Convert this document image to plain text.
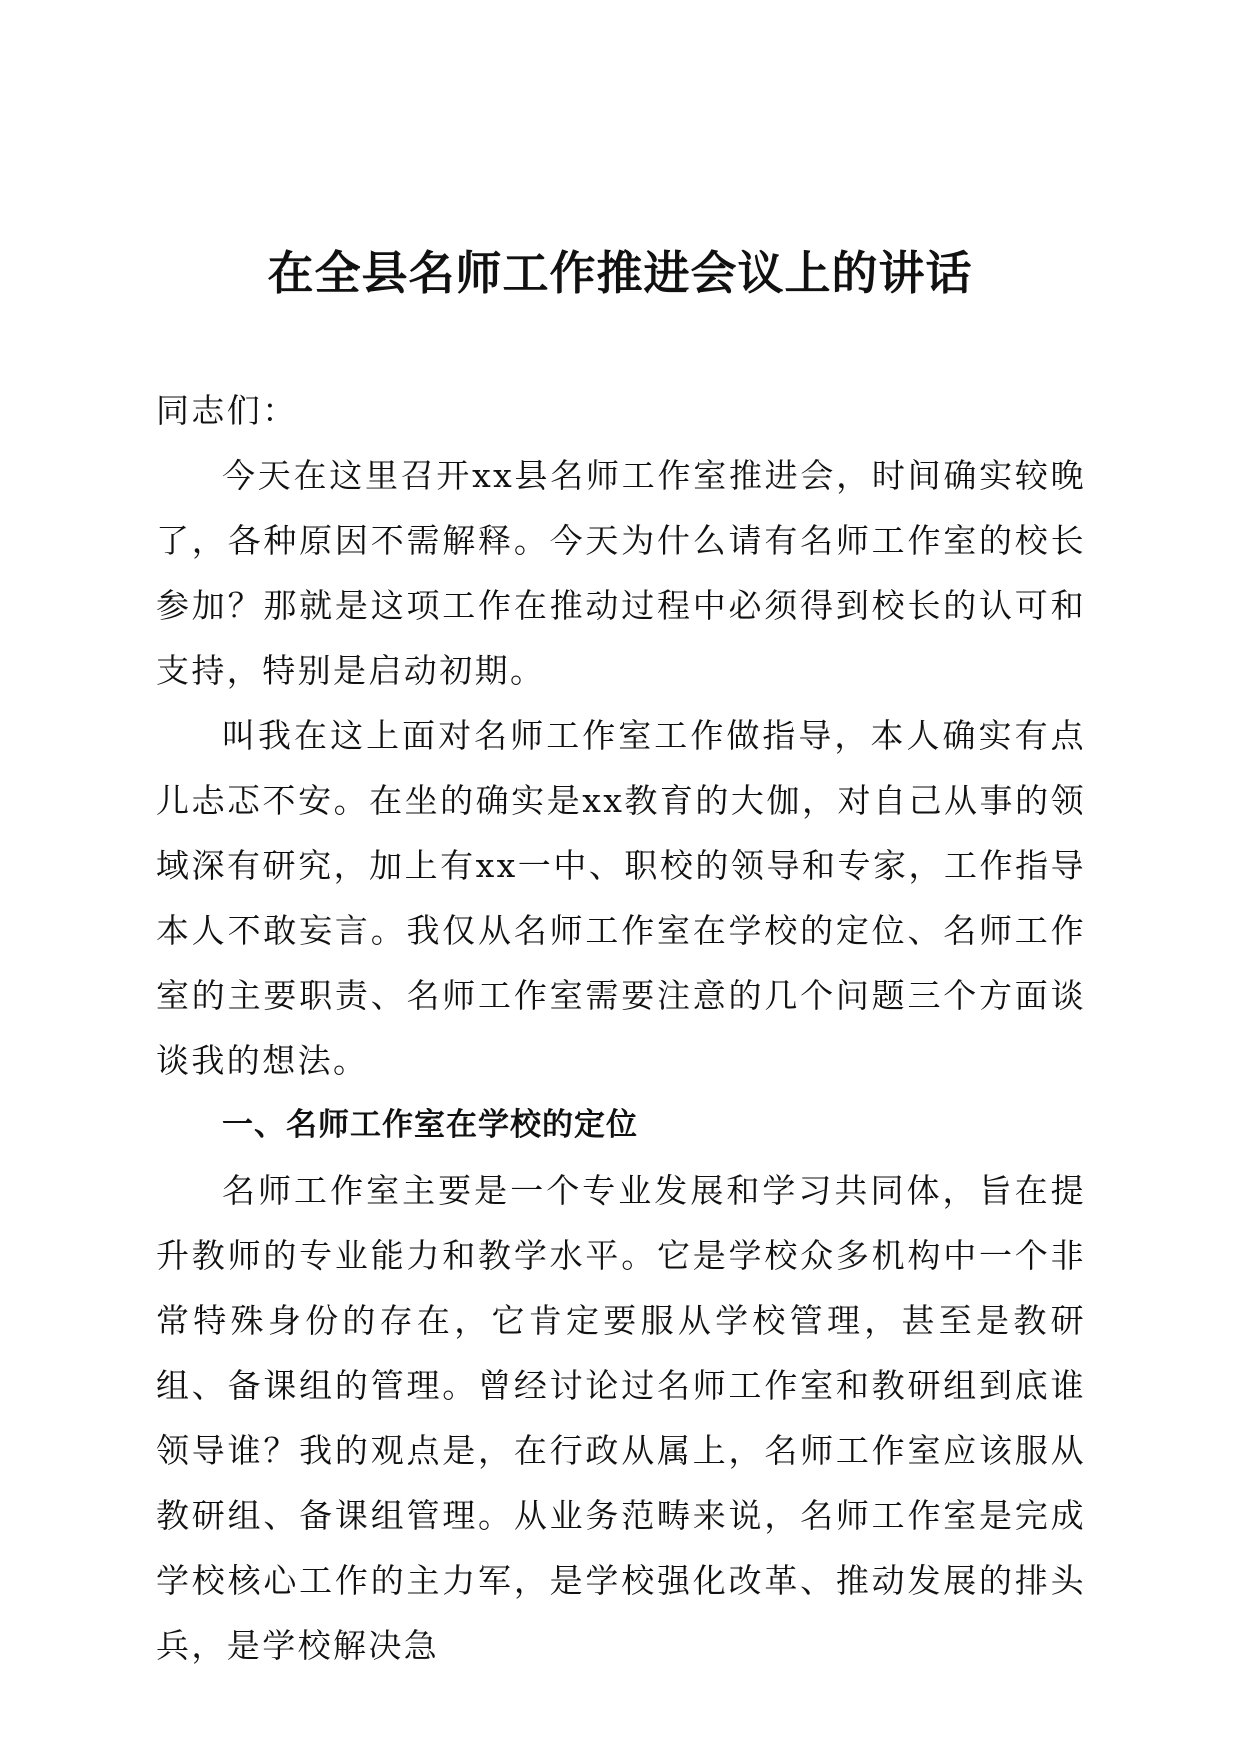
在全县名师工作推进会议上的讲话

同志们：

今天在这里召开xx县名师工作室推进会，时间确实较晚了，各种原因不需解释。今天为什么请有名师工作室的校长参加？那就是这项工作在推动过程中必须得到校长的认可和支持，特别是启动初期。

叫我在这上面对名师工作室工作做指导，本人确实有点儿忐忑不安。在坐的确实是xx教育的大伽，对自己从事的领域深有研究，加上有xx一中、职校的领导和专家，工作指导本人不敢妄言。我仅从名师工作室在学校的定位、名师工作室的主要职责、名师工作室需要注意的几个问题三个方面谈谈我的想法。

一、名师工作室在学校的定位

名师工作室主要是一个专业发展和学习共同体，旨在提升教师的专业能力和教学水平。它是学校众多机构中一个非常特殊身份的存在，它肯定要服从学校管理，甚至是教研组、备课组的管理。曾经讨论过名师工作室和教研组到底谁领导谁？我的观点是，在行政从属上，名师工作室应该服从教研组、备课组管理。从业务范畴来说，名师工作室是完成学校核心工作的主力军，是学校强化改革、推动发展的排头兵，是学校解决急
